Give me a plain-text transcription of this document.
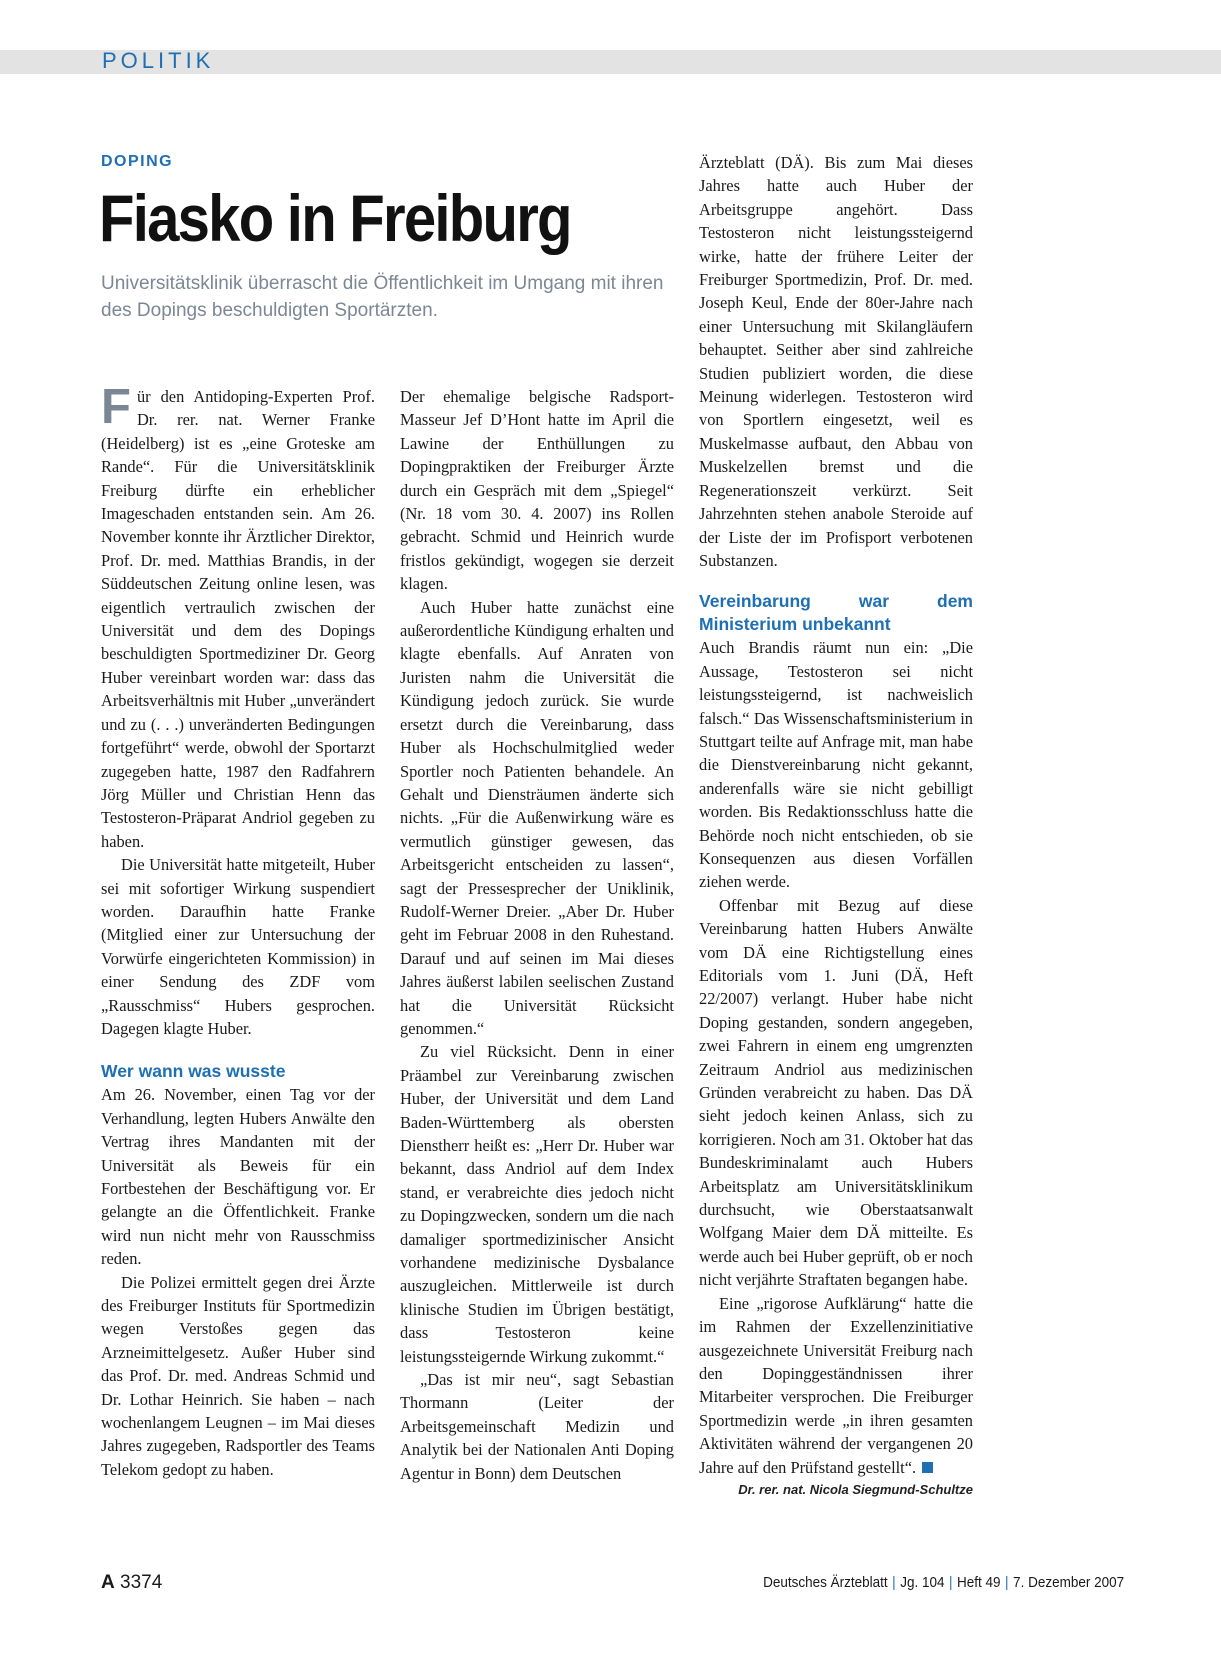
POLITIK
DOPING
Fiasko in Freiburg

Universitätsklinik überrascht die Öffentlichkeit im Umgang mit ihren des Dopings beschuldigten Sportärzten.

Für den Antidoping-Experten Prof. Dr. rer. nat. Werner Franke (Heidelberg) ist es „eine Groteske am Rande“. Für die Universitätsklinik Freiburg dürfte ein erheblicher Imageschaden entstanden sein. Am 26. November konnte ihr Ärztlicher Direktor, Prof. Dr. med. Matthias Brandis, in der Süddeutschen Zeitung online lesen, was eigentlich vertraulich zwischen der Universität und dem des Dopings beschuldigten Sportmediziner Dr. Georg Huber vereinbart worden war: dass das Arbeitsverhältnis mit Huber „unverändert und zu (. . .) unveränderten Bedingungen fortgeführt“ werde, obwohl der Sportarzt zugegeben hatte, 1987 den Radfahrern Jörg Müller und Christian Henn das Testosteron-Präparat Andriol gegeben zu haben.

Die Universität hatte mitgeteilt, Huber sei mit sofortiger Wirkung suspendiert worden. Daraufhin hatte Franke (Mitglied einer zur Untersuchung der Vorwürfe eingerichteten Kommission) in einer Sendung des ZDF vom „Rausschmiss“ Hubers gesprochen. Dagegen klagte Huber.

Wer wann was wusste

Am 26. November, einen Tag vor der Verhandlung, legten Hubers Anwälte den Vertrag ihres Mandanten mit der Universität als Beweis für ein Fortbestehen der Beschäftigung vor. Er gelangte an die Öffentlichkeit. Franke wird nun nicht mehr von Rausschmiss reden.

Die Polizei ermittelt gegen drei Ärzte des Freiburger Instituts für Sportmedizin wegen Verstoßes gegen das Arzneimittelgesetz. Außer Huber sind das Prof. Dr. med. Andreas Schmid und Dr. Lothar Heinrich. Sie haben – nach wochenlangem Leugnen – im Mai dieses Jahres zugegeben, Radsportler des Teams Telekom gedopt zu haben.

Der ehemalige belgische Radsport-Masseur Jef D’Hont hatte im April die Lawine der Enthüllungen zu Dopingpraktiken der Freiburger Ärzte durch ein Gespräch mit dem „Spiegel“ (Nr. 18 vom 30. 4. 2007) ins Rollen gebracht. Schmid und Heinrich wurde fristlos gekündigt, wogegen sie derzeit klagen.

Auch Huber hatte zunächst eine außerordentliche Kündigung erhalten und klagte ebenfalls. Auf Anraten von Juristen nahm die Universität die Kündigung jedoch zurück. Sie wurde ersetzt durch die Vereinbarung, dass Huber als Hochschulmitglied weder Sportler noch Patienten behandele. An Gehalt und Diensträumen änderte sich nichts. „Für die Außenwirkung wäre es vermutlich günstiger gewesen, das Arbeitsgericht entscheiden zu lassen“, sagt der Pressesprecher der Uniklinik, Rudolf-Werner Dreier. „Aber Dr. Huber geht im Februar 2008 in den Ruhestand. Darauf und auf seinen im Mai dieses Jahres äußerst labilen seelischen Zustand hat die Universität Rücksicht genommen.“

Zu viel Rücksicht. Denn in einer Präambel zur Vereinbarung zwischen Huber, der Universität und dem Land Baden-Württemberg als obersten Dienstherr heißt es: „Herr Dr. Huber war bekannt, dass Andriol auf dem Index stand, er verabreichte dies jedoch nicht zu Dopingzwecken, sondern um die nach damaliger sportmedizinischer Ansicht vorhandene medizinische Dysbalance auszugleichen. Mittlerweile ist durch klinische Studien im Übrigen bestätigt, dass Testosteron keine leistungssteigernde Wirkung zukommt.“

„Das ist mir neu“, sagt Sebastian Thormann (Leiter der Arbeitsgemeinschaft Medizin und Analytik bei der Nationalen Anti Doping Agentur in Bonn) dem Deutschen

Ärzteblatt (DÄ). Bis zum Mai dieses Jahres hatte auch Huber der Arbeitsgruppe angehört. Dass Testosteron nicht leistungssteigernd wirke, hatte der frühere Leiter der Freiburger Sportmedizin, Prof. Dr. med. Joseph Keul, Ende der 80er-Jahre nach einer Untersuchung mit Skilangläufern behauptet. Seither aber sind zahlreiche Studien publiziert worden, die diese Meinung widerlegen. Testosteron wird von Sportlern eingesetzt, weil es Muskelmasse aufbaut, den Abbau von Muskelzellen bremst und die Regenerationszeit verkürzt. Seit Jahrzehnten stehen anabole Steroide auf der Liste der im Profisport verbotenen Substanzen.

Vereinbarung war dem Ministerium unbekannt

Auch Brandis räumt nun ein: „Die Aussage, Testosteron sei nicht leistungssteigernd, ist nachweislich falsch.“ Das Wissenschaftsministerium in Stuttgart teilte auf Anfrage mit, man habe die Dienstvereinbarung nicht gekannt, anderenfalls wäre sie nicht gebilligt worden. Bis Redaktionsschluss hatte die Behörde noch nicht entschieden, ob sie Konsequenzen aus diesen Vorfällen ziehen werde.

Offenbar mit Bezug auf diese Vereinbarung hatten Hubers Anwälte vom DÄ eine Richtigstellung eines Editorials vom 1. Juni (DÄ, Heft 22/2007) verlangt. Huber habe nicht Doping gestanden, sondern angegeben, zwei Fahrern in einem eng umgrenzten Zeitraum Andriol aus medizinischen Gründen verabreicht zu haben. Das DÄ sieht jedoch keinen Anlass, sich zu korrigieren. Noch am 31. Oktober hat das Bundeskriminalamt auch Hubers Arbeitsplatz am Universitätsklinikum durchsucht, wie Oberstaatsanwalt Wolfgang Maier dem DÄ mitteilte. Es werde auch bei Huber geprüft, ob er noch nicht verjährte Straftaten begangen habe.

Eine „rigorose Aufklärung“ hatte die im Rahmen der Exzellenzinitiative ausgezeichnete Universität Freiburg nach den Dopinggeständnissen ihrer Mitarbeiter versprochen. Die Freiburger Sportmedizin werde „in ihren gesamten Aktivitäten während der vergangenen 20 Jahre auf den Prüfstand gestellt“.

Dr. rer. nat. Nicola Siegmund-Schultze
A 3374	Deutsches Ärzteblatt | Jg. 104 | Heft 49 | 7. Dezember 2007
